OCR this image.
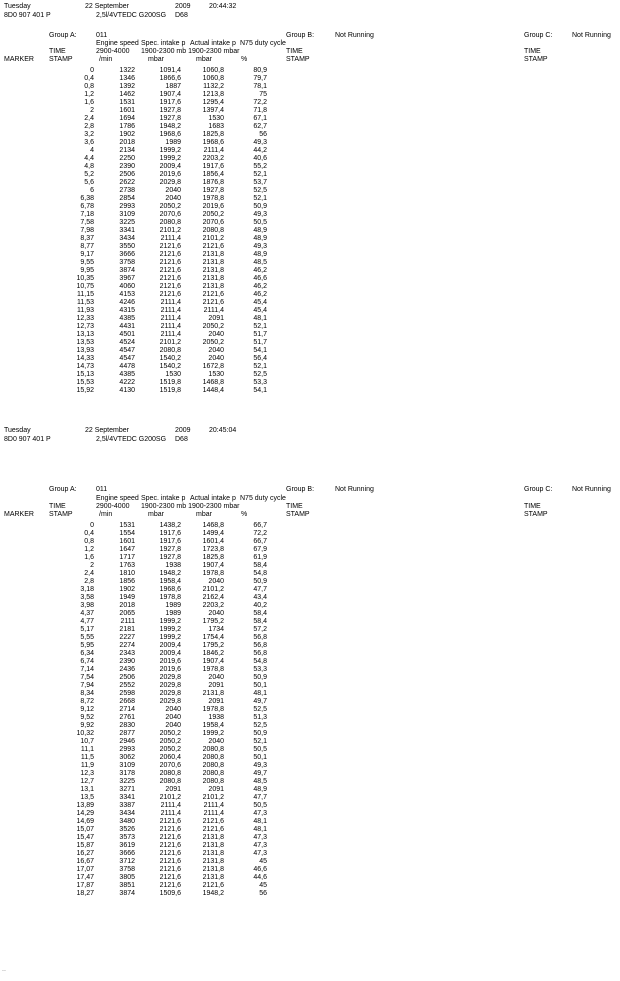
Tuesday	22 September	2009	20:44:32
8D0 907 401 P	2,5l/4VTEDC G200SG D68
Group A:	011	Group B:	Not Running	Group C:	Not Running
Engine speed Spec. intake p Actual intake p N75 duty cycle
TIME	2900-4000 1900-2300 mb 1900-2300 mbar	TIME	TIME
MARKER STAMP	/min	mbar	mbar	%	STAMP	STAMP
0	1322	1091,4	1060,8	80,9
0,4	1346	1866,6	1060,8	79,7
0,8	1392	1887	1132,2	78,1
1,2	1462	1907,4	1213,8	75
1,6	1531	1917,6	1295,4	72,2
2	1601	1927,8	1397,4	71,8
2,4	1694	1927,8	1530	67,1
2,8	1786	1948,2	1683	62,7
3,2	1902	1968,6	1825,8	56
3,6	2018	1989	1968,6	49,3
4	2134	1999,2	2111,4	44,2
4,4	2250	1999,2	2203,2	40,6
4,8	2390	2009,4	1917,6	55,2
5,2	2506	2019,6	1856,4	52,1
5,6	2622	2029,8	1876,8	53,7
6	2738	2040	1927,8	52,5
6,38	2854	2040	1978,8	52,1
6,78	2993	2050,2	2019,6	50,9
7,18	3109	2070,6	2050,2	49,3
7,58	3225	2080,8	2070,6	50,5
7,98	3341	2101,2	2080,8	48,9
8,37	3434	2111,4	2101,2	48,9
8,77	3550	2121,6	2121,6	49,3
9,17	3666	2121,6	2131,8	48,9
9,55	3758	2121,6	2131,8	48,5
9,95	3874	2121,6	2131,8	46,2
10,35	3967	2121,6	2131,8	46,6
10,75	4060	2121,6	2131,8	46,2
11,15	4153	2121,6	2121,6	46,2
11,53	4246	2111,4	2121,6	45,4
11,93	4315	2111,4	2111,4	45,4
12,33	4385	2111,4	2091	48,1
12,73	4431	2111,4	2050,2	52,1
13,13	4501	2111,4	2040	51,7
13,53	4524	2101,2	2050,2	51,7
13,93	4547	2080,8	2040	54,1
14,33	4547	1540,2	2040	56,4
14,73	4478	1540,2	1672,8	52,1
15,13	4385	1530	1530	52,5
15,53	4222	1519,8	1468,8	53,3
15,92	4130	1519,8	1448,4	54,1
Tuesday	22 September	2009	20:45:04
8D0 907 401 P	2,5l/4VTEDC G200SG D68
Group A:	011	Group B:	Not Running	Group C:	Not Running
Engine speed Spec. intake p Actual intake p N75 duty cycle
TIME	2900-4000 1900-2300 mb 1900-2300 mbar	TIME	TIME
MARKER STAMP	/min	mbar	mbar	%	STAMP	STAMP
0	1531	1438,2	1468,8	66,7
0,4	1554	1917,6	1499,4	72,2
0,8	1601	1917,6	1601,4	66,7
1,2	1647	1927,8	1723,8	67,9
1,6	1717	1927,8	1825,8	61,9
2	1763	1938	1907,4	58,4
2,4	1810	1948,2	1978,8	54,8
2,8	1856	1958,4	2040	50,9
3,18	1902	1968,6	2101,2	47,7
3,58	1949	1978,8	2162,4	43,4
3,98	2018	1989	2203,2	40,2
4,37	2065	1989	2040	58,4
4,77	2111	1999,2	1795,2	58,4
5,17	2181	1999,2	1734	57,2
5,55	2227	1999,2	1754,4	56,8
5,95	2274	2009,4	1795,2	56,8
6,34	2343	2009,4	1846,2	56,8
6,74	2390	2019,6	1907,4	54,8
7,14	2436	2019,6	1978,8	53,3
7,54	2506	2029,8	2040	50,9
7,94	2552	2029,8	2091	50,1
8,34	2598	2029,8	2131,8	48,1
8,72	2668	2029,8	2091	49,7
9,12	2714	2040	1978,8	52,5
9,52	2761	2040	1938	51,3
9,92	2830	2040	1958,4	52,5
10,32	2877	2050,2	1999,2	50,9
10,7	2946	2050,2	2040	52,1
11,1	2993	2050,2	2080,8	50,5
11,5	3062	2060,4	2080,8	50,1
11,9	3109	2070,6	2080,8	49,3
12,3	3178	2080,8	2080,8	49,7
12,7	3225	2080,8	2080,8	48,5
13,1	3271	2091	2091	48,9
13,5	3341	2101,2	2101,2	47,7
13,89	3387	2111,4	2111,4	50,5
14,29	3434	2111,4	2111,4	47,3
14,69	3480	2121,6	2121,6	48,1
15,07	3526	2121,6	2121,6	48,1
15,47	3573	2121,6	2131,8	47,3
15,87	3619	2121,6	2131,8	47,3
16,27	3666	2121,6	2131,8	47,3
16,67	3712	2121,6	2131,8	45
17,07	3758	2121,6	2131,8	46,6
17,47	3805	2121,6	2131,8	44,6
17,87	3851	2121,6	2121,6	45
18,27	3874	1509,6	1948,2	56
..
